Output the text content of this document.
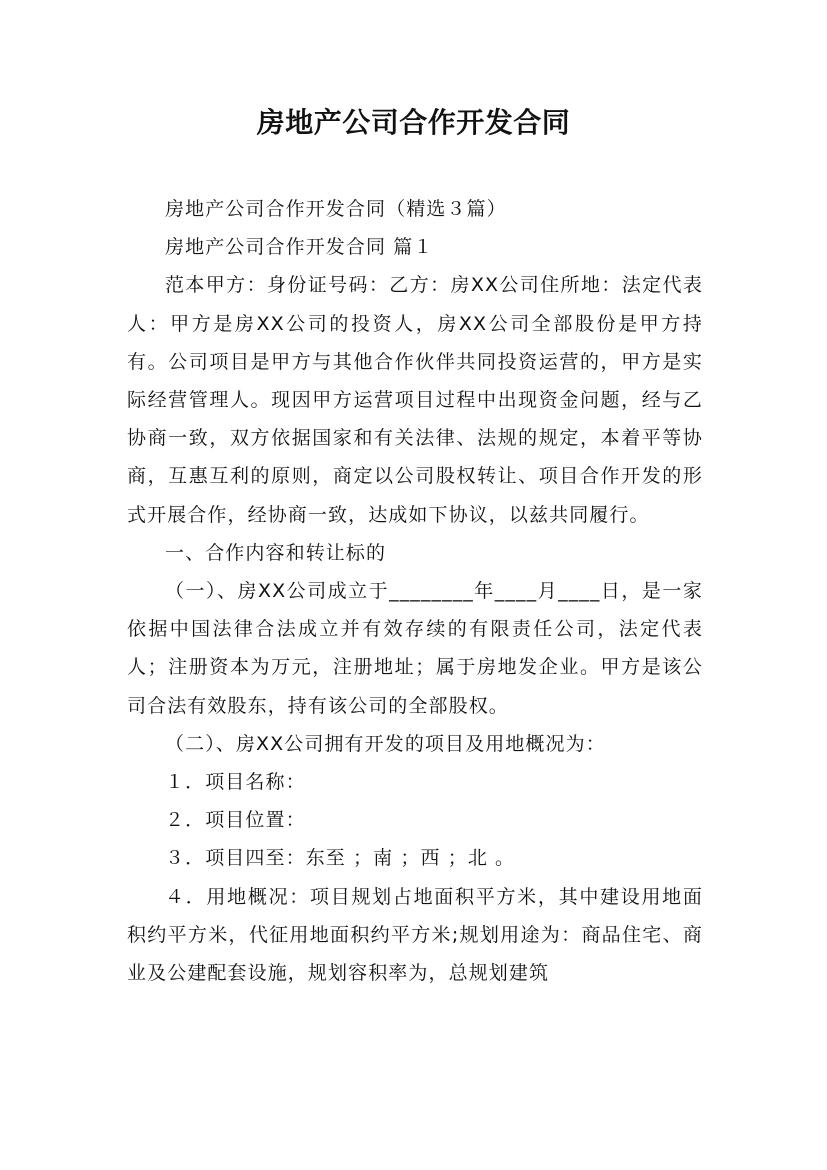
房地产公司合作开发合同

房地产公司合作开发合同（精选３篇）

房地产公司合作开发合同 篇１

范本甲方：身份证号码：乙方：房XX公司住所地：法定代表人：甲方是房XX公司的投资人，房XX公司全部股份是甲方持有。公司项目是甲方与其他合作伙伴共同投资运营的，甲方是实际经营管理人。现因甲方运营项目过程中出现资金问题，经与乙协商一致，双方依据国家和有关法律、法规的规定，本着平等协商，互惠互利的原则，商定以公司股权转让、项目合作开发的形式开展合作，经协商一致，达成如下协议，以兹共同履行。

一、合作内容和转让标的

（一）、房XX公司成立于________年____月____日，是一家依据中国法律合法成立并有效存续的有限责任公司，法定代表人；注册资本为万元，注册地址；属于房地发企业。甲方是该公司合法有效股东，持有该公司的全部股权。

（二）、房XX公司拥有开发的项目及用地概况为：

１．项目名称：

２．项目位置：

３．项目四至：东至 ；南 ；西 ；北 。

４．用地概况：项目规划占地面积平方米，其中建设用地面积约平方米，代征用地面积约平方米;规划用途为：商品住宅、商业及公建配套设施，规划容积率为，总规划建筑
